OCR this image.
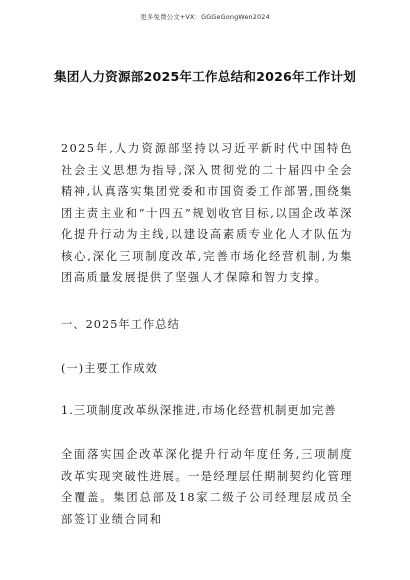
更多免费公文+VX：GGGeGongWen2024
集团人力资源部2025年工作总结和2026年工作计划

2025年,人力资源部坚持以习近平新时代中国特色社会主义思想为指导,深入贯彻党的二十届四中全会精神,认真落实集团党委和市国资委工作部署,围绕集团主责主业和“十四五”规划收官目标,以国企改革深化提升行动为主线,以建设高素质专业化人才队伍为核心,深化三项制度改革,完善市场化经营机制,为集团高质量发展提供了坚强人才保障和智力支撑。

一、2025年工作总结

(一)主要工作成效

1.三项制度改革纵深推进,市场化经营机制更加完善

全面落实国企改革深化提升行动年度任务,三项制度改革实现突破性进展。一是经理层任期制契约化管理全覆盖。集团总部及18家二级子公司经理层成员全部签订业绩合同和
